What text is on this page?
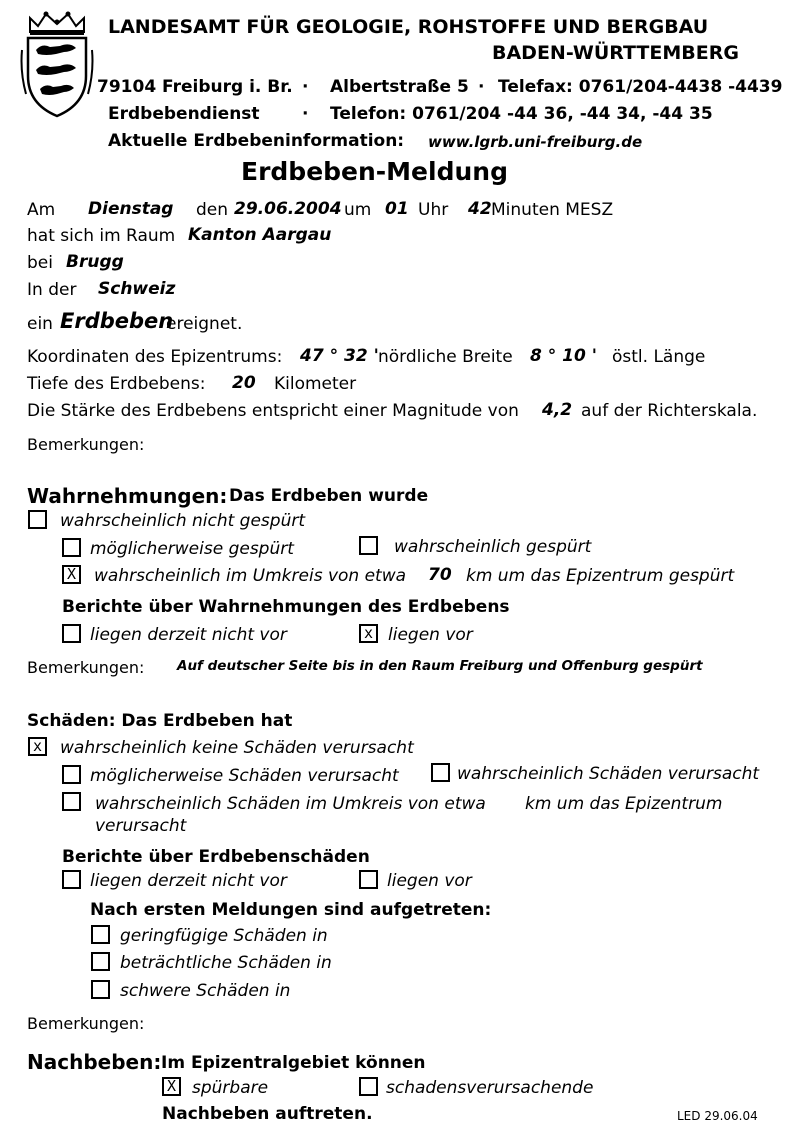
LANDESAMT FÜR GEOLOGIE, ROHSTOFFE UND BERGBAU
BADEN-WÜRTTEMBERG
79104 Freiburg i. Br. · Albertstraße 5 · Telefax: 0761/204-4438 -4439
Erdbebendienst · Telefon: 0761/204 -44 36, -44 34, -44 35
Aktuelle Erdbebeninformation: www.lgrb.uni-freiburg.de
Erdbeben-Meldung
Am Dienstag den 29.06.2004 um 01 Uhr 42 Minuten MESZ
hat sich im Raum Kanton Aargau
bei Brugg
In der Schweiz
ein Erdbeben
ereignet.
Koordinaten des Epizentrums: 47 ° 32 ' nördliche Breite 8 ° 10 ' östl. Länge
Tiefe des Erdbebens: 20 Kilometer
Die Stärke des Erdbebens entspricht einer Magnitude von 4,2 auf der Richterskala.
Bemerkungen:
Wahrnehmungen: Das Erdbeben wurde
wahrscheinlich nicht gespürt
möglicherweise gespürt	wahrscheinlich gespürt
X wahrscheinlich im Umkreis von etwa 70 km um das Epizentrum gespürt
Berichte über Wahrnehmungen des Erdbebens
liegen derzeit nicht vor	x liegen vor
Bemerkungen: Auf deutscher Seite bis in den Raum Freiburg und Offenburg gespürt
Schäden: Das Erdbeben hat
x wahrscheinlich keine Schäden verursacht
möglicherweise Schäden verursacht	wahrscheinlich Schäden verursacht
wahrscheinlich Schäden im Umkreis von etwa km um das Epizentrum
verursacht
Berichte über Erdbebenschäden
liegen derzeit nicht vor	liegen vor
Nach ersten Meldungen sind aufgetreten:
geringfügige Schäden in
beträchtliche Schäden in
schwere Schäden in
Bemerkungen:
Nachbeben: Im Epizentralgebiet können
X spürbare	schadensverursachende
Nachbeben auftreten.	LED 29.06.04
